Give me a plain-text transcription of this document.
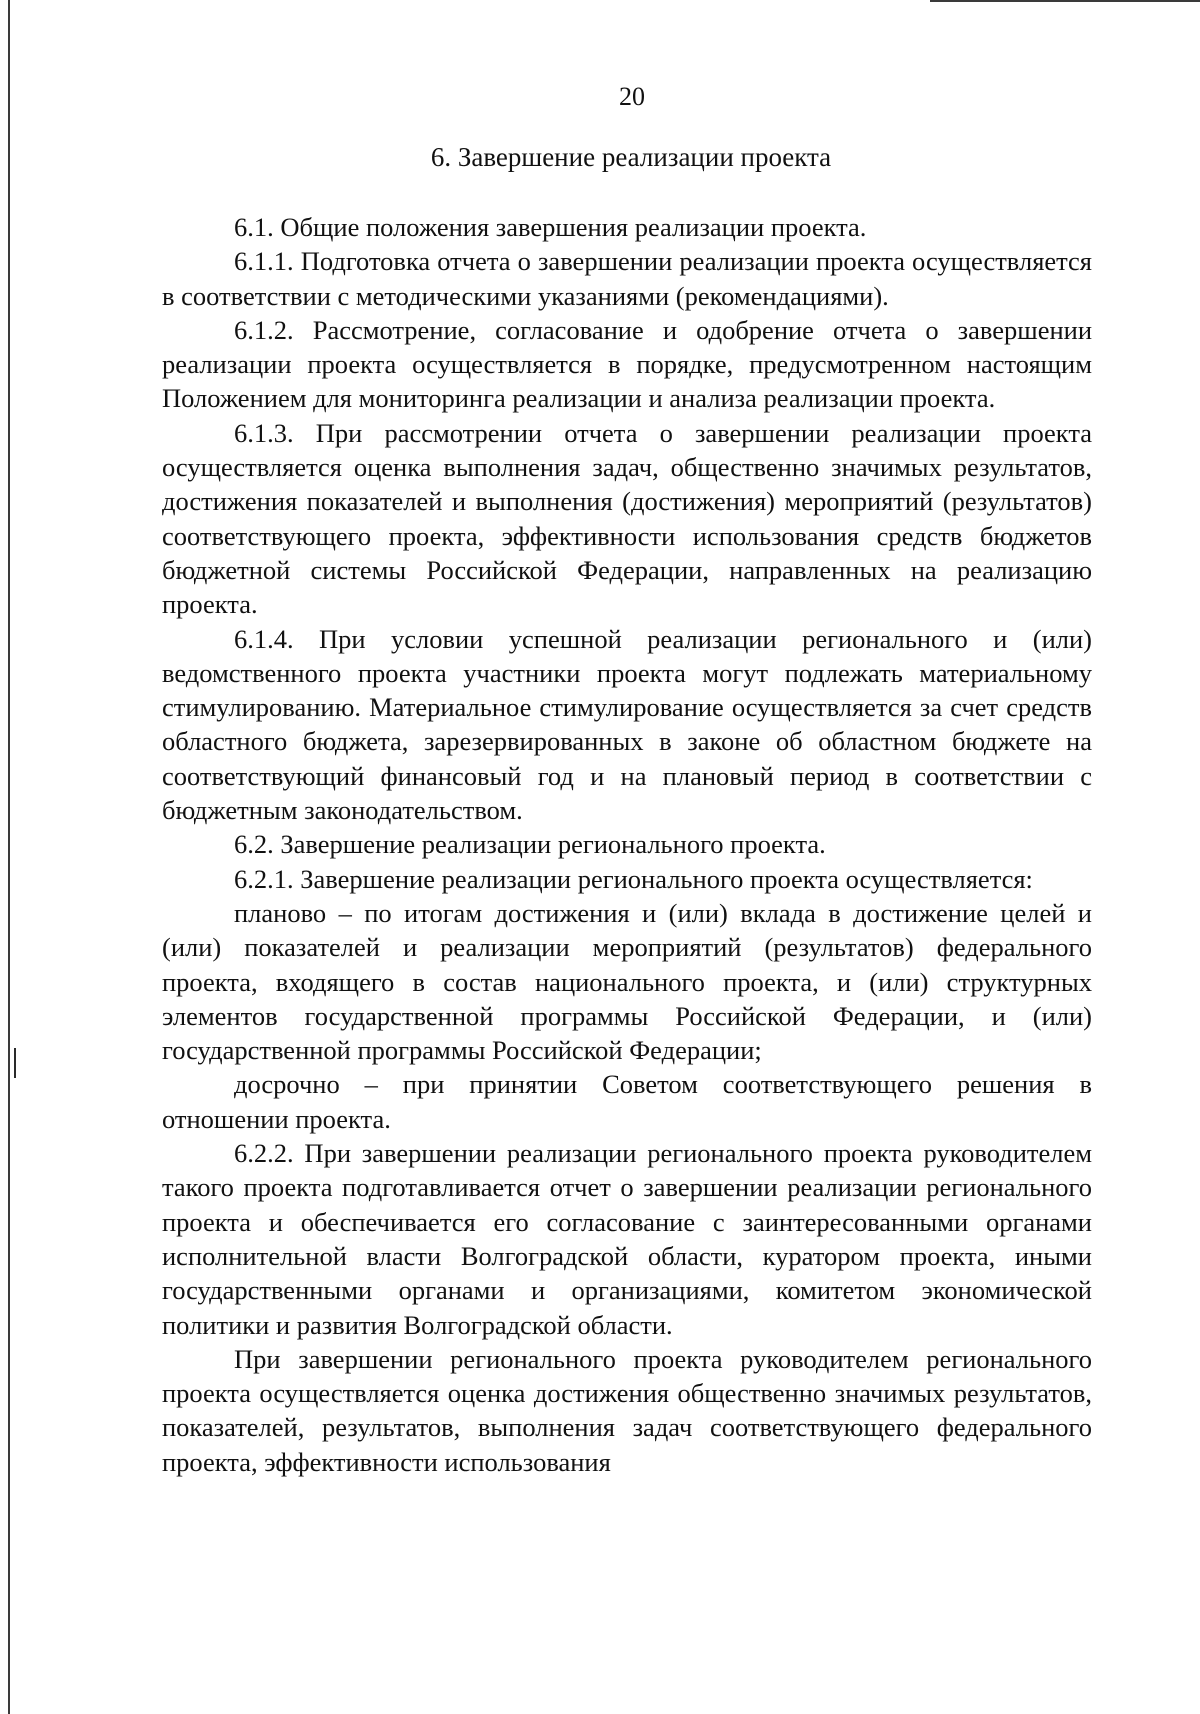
20
6. Завершение реализации проекта

6.1. Общие положения завершения реализации проекта.

6.1.1. Подготовка отчета о завершении реализации проекта осуществляется в соответствии с методическими указаниями (рекомендациями).

6.1.2. Рассмотрение, согласование и одобрение отчета о завершении реализации проекта осуществляется в порядке, предусмотренном настоящим Положением для мониторинга реализации и анализа реализации проекта.

6.1.3. При рассмотрении отчета о завершении реализации проекта осуществляется оценка выполнения задач, общественно значимых результатов, достижения показателей и выполнения (достижения) мероприятий (результатов) соответствующего проекта, эффективности использования средств бюджетов бюджетной системы Российской Федерации, направленных на реализацию проекта.

6.1.4. При условии успешной реализации регионального и (или) ведомственного проекта участники проекта могут подлежать материальному стимулированию. Материальное стимулирование осуществляется за счет средств областного бюджета, зарезервированных в законе об областном бюджете на соответствующий финансовый год и на плановый период в соответствии с бюджетным законодательством.

6.2. Завершение реализации регионального проекта.

6.2.1. Завершение реализации регионального проекта осуществляется:

планово – по итогам достижения и (или) вклада в достижение целей и (или) показателей и реализации мероприятий (результатов) федерального проекта, входящего в состав национального проекта, и (или) структурных элементов государственной программы Российской Федерации, и (или) государственной программы Российской Федерации;

досрочно – при принятии Советом соответствующего решения в отношении проекта.

6.2.2. При завершении реализации регионального проекта руководителем такого проекта подготавливается отчет о завершении реализации регионального проекта и обеспечивается его согласование с заинтересованными органами исполнительной власти Волгоградской области, куратором проекта, иными государственными органами и организациями, комитетом экономической политики и развития Волгоградской области.

При завершении регионального проекта руководителем регионального проекта осуществляется оценка достижения общественно значимых результатов, показателей, результатов, выполнения задач соответствующего федерального проекта, эффективности использования
